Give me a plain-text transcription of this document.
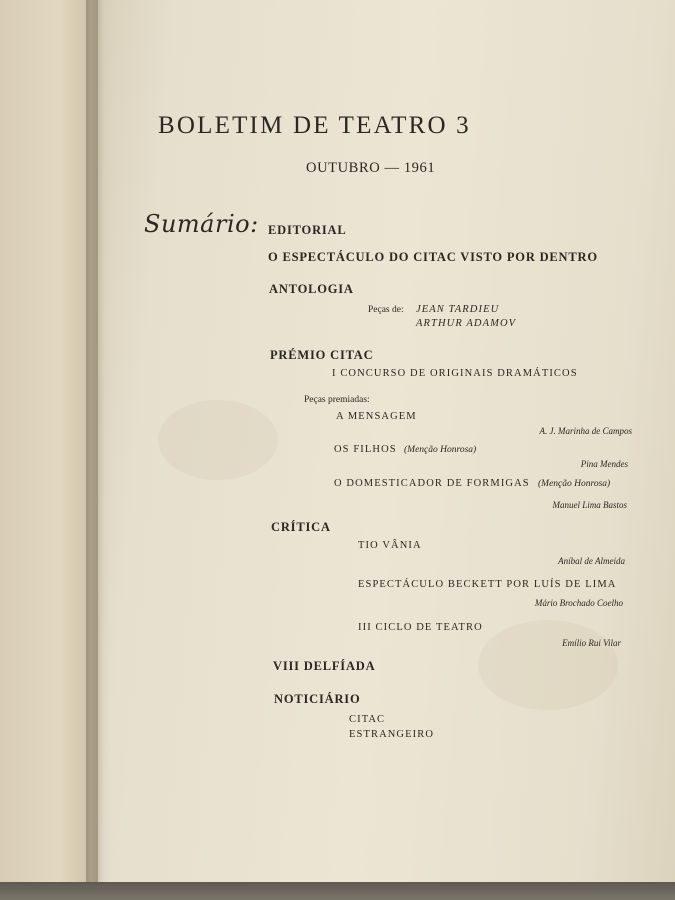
BOLETIM DE TEATRO 3
OUTUBRO — 1961
Sumário: EDITORIAL
O ESPECTÁCULO DO CITAC VISTO POR DENTRO
ANTOLOGIA
Peças de: JEAN TARDIEU
ARTHUR ADAMOV
PRÉMIO CITAC
I CONCURSO DE ORIGINAIS DRAMÁTICOS
Peças premiadas:
A MENSAGEM
A. J. Marinha de Campos
OS FILHOS (Menção Honrosa)
Pina Mendes
O DOMESTICADOR DE FORMIGAS (Menção Honrosa)
Manuel Lima Bastos
CRÍTICA
TIO VÂNIA
Aníbal de Almeida
ESPECTÁCULO BECKETT POR LUÍS DE LIMA
Mário Brochado Coelho
III CICLO DE TEATRO
Emílio Rui Vilar
VIII DELFÍADA
NOTICIÁRIO
CITAC
ESTRANGEIRO
